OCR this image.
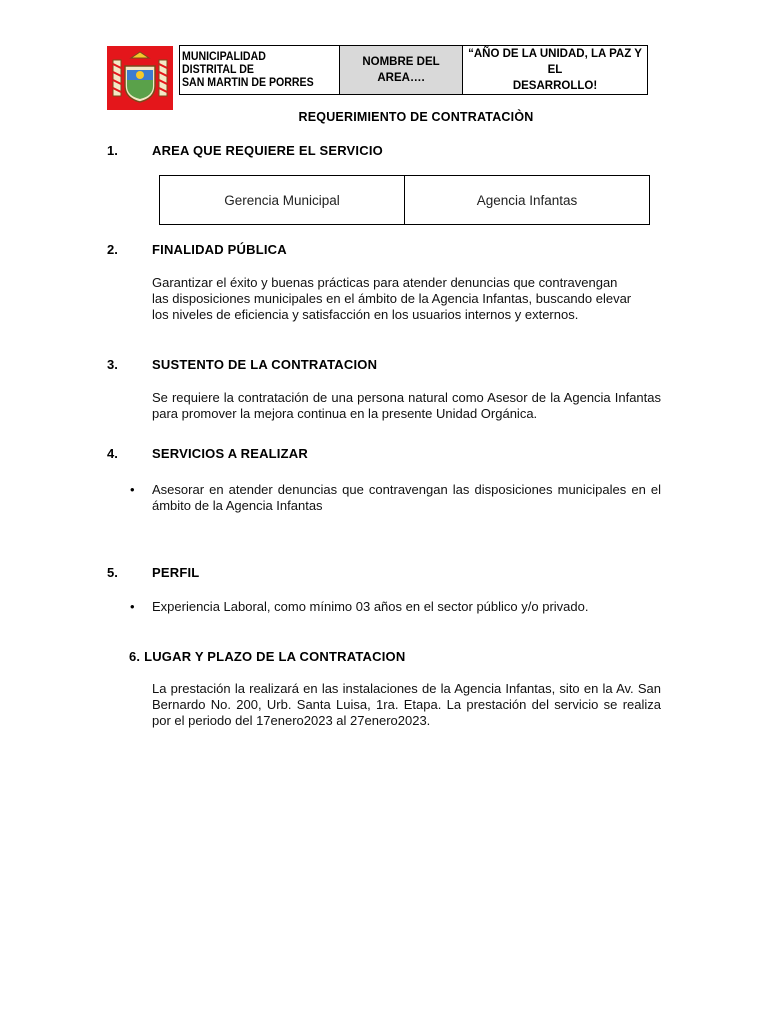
MUNICIPALIDAD
DISTRITAL DE
SAN MARTIN DE PORRES

NOMBRE DEL
AREA….

“AÑO DE LA UNIDAD, LA PAZ Y EL
DESARROLLO!
REQUERIMIENTO DE CONTRATACIÒN
1.	AREA QUE REQUIERE EL SERVICIO
Gerencia Municipal	Agencia Infantas
2.	FINALIDAD PÚBLICA
Garantizar el éxito y buenas prácticas para atender denuncias que contravengan
las disposiciones municipales en el ámbito de la Agencia Infantas, buscando elevar
los niveles de eficiencia y satisfacción en los usuarios internos y externos.
3.	SUSTENTO DE LA CONTRATACION
Se requiere la contratación de una persona natural como Asesor de la Agencia Infantas para promover la mejora continua en la presente Unidad Orgánica.
4.	SERVICIOS A REALIZAR
• Asesorar en atender denuncias que contravengan las disposiciones municipales en el ámbito de la Agencia Infantas
5.	PERFIL
• Experiencia Laboral, como mínimo 03 años en el sector público y/o privado.
6. LUGAR Y PLAZO DE LA CONTRATACION
La prestación la realizará en las instalaciones de la Agencia Infantas, sito en la Av. San Bernardo No. 200, Urb. Santa Luisa, 1ra. Etapa. La prestación del servicio se realiza por el periodo del 17enero2023 al 27enero2023.
